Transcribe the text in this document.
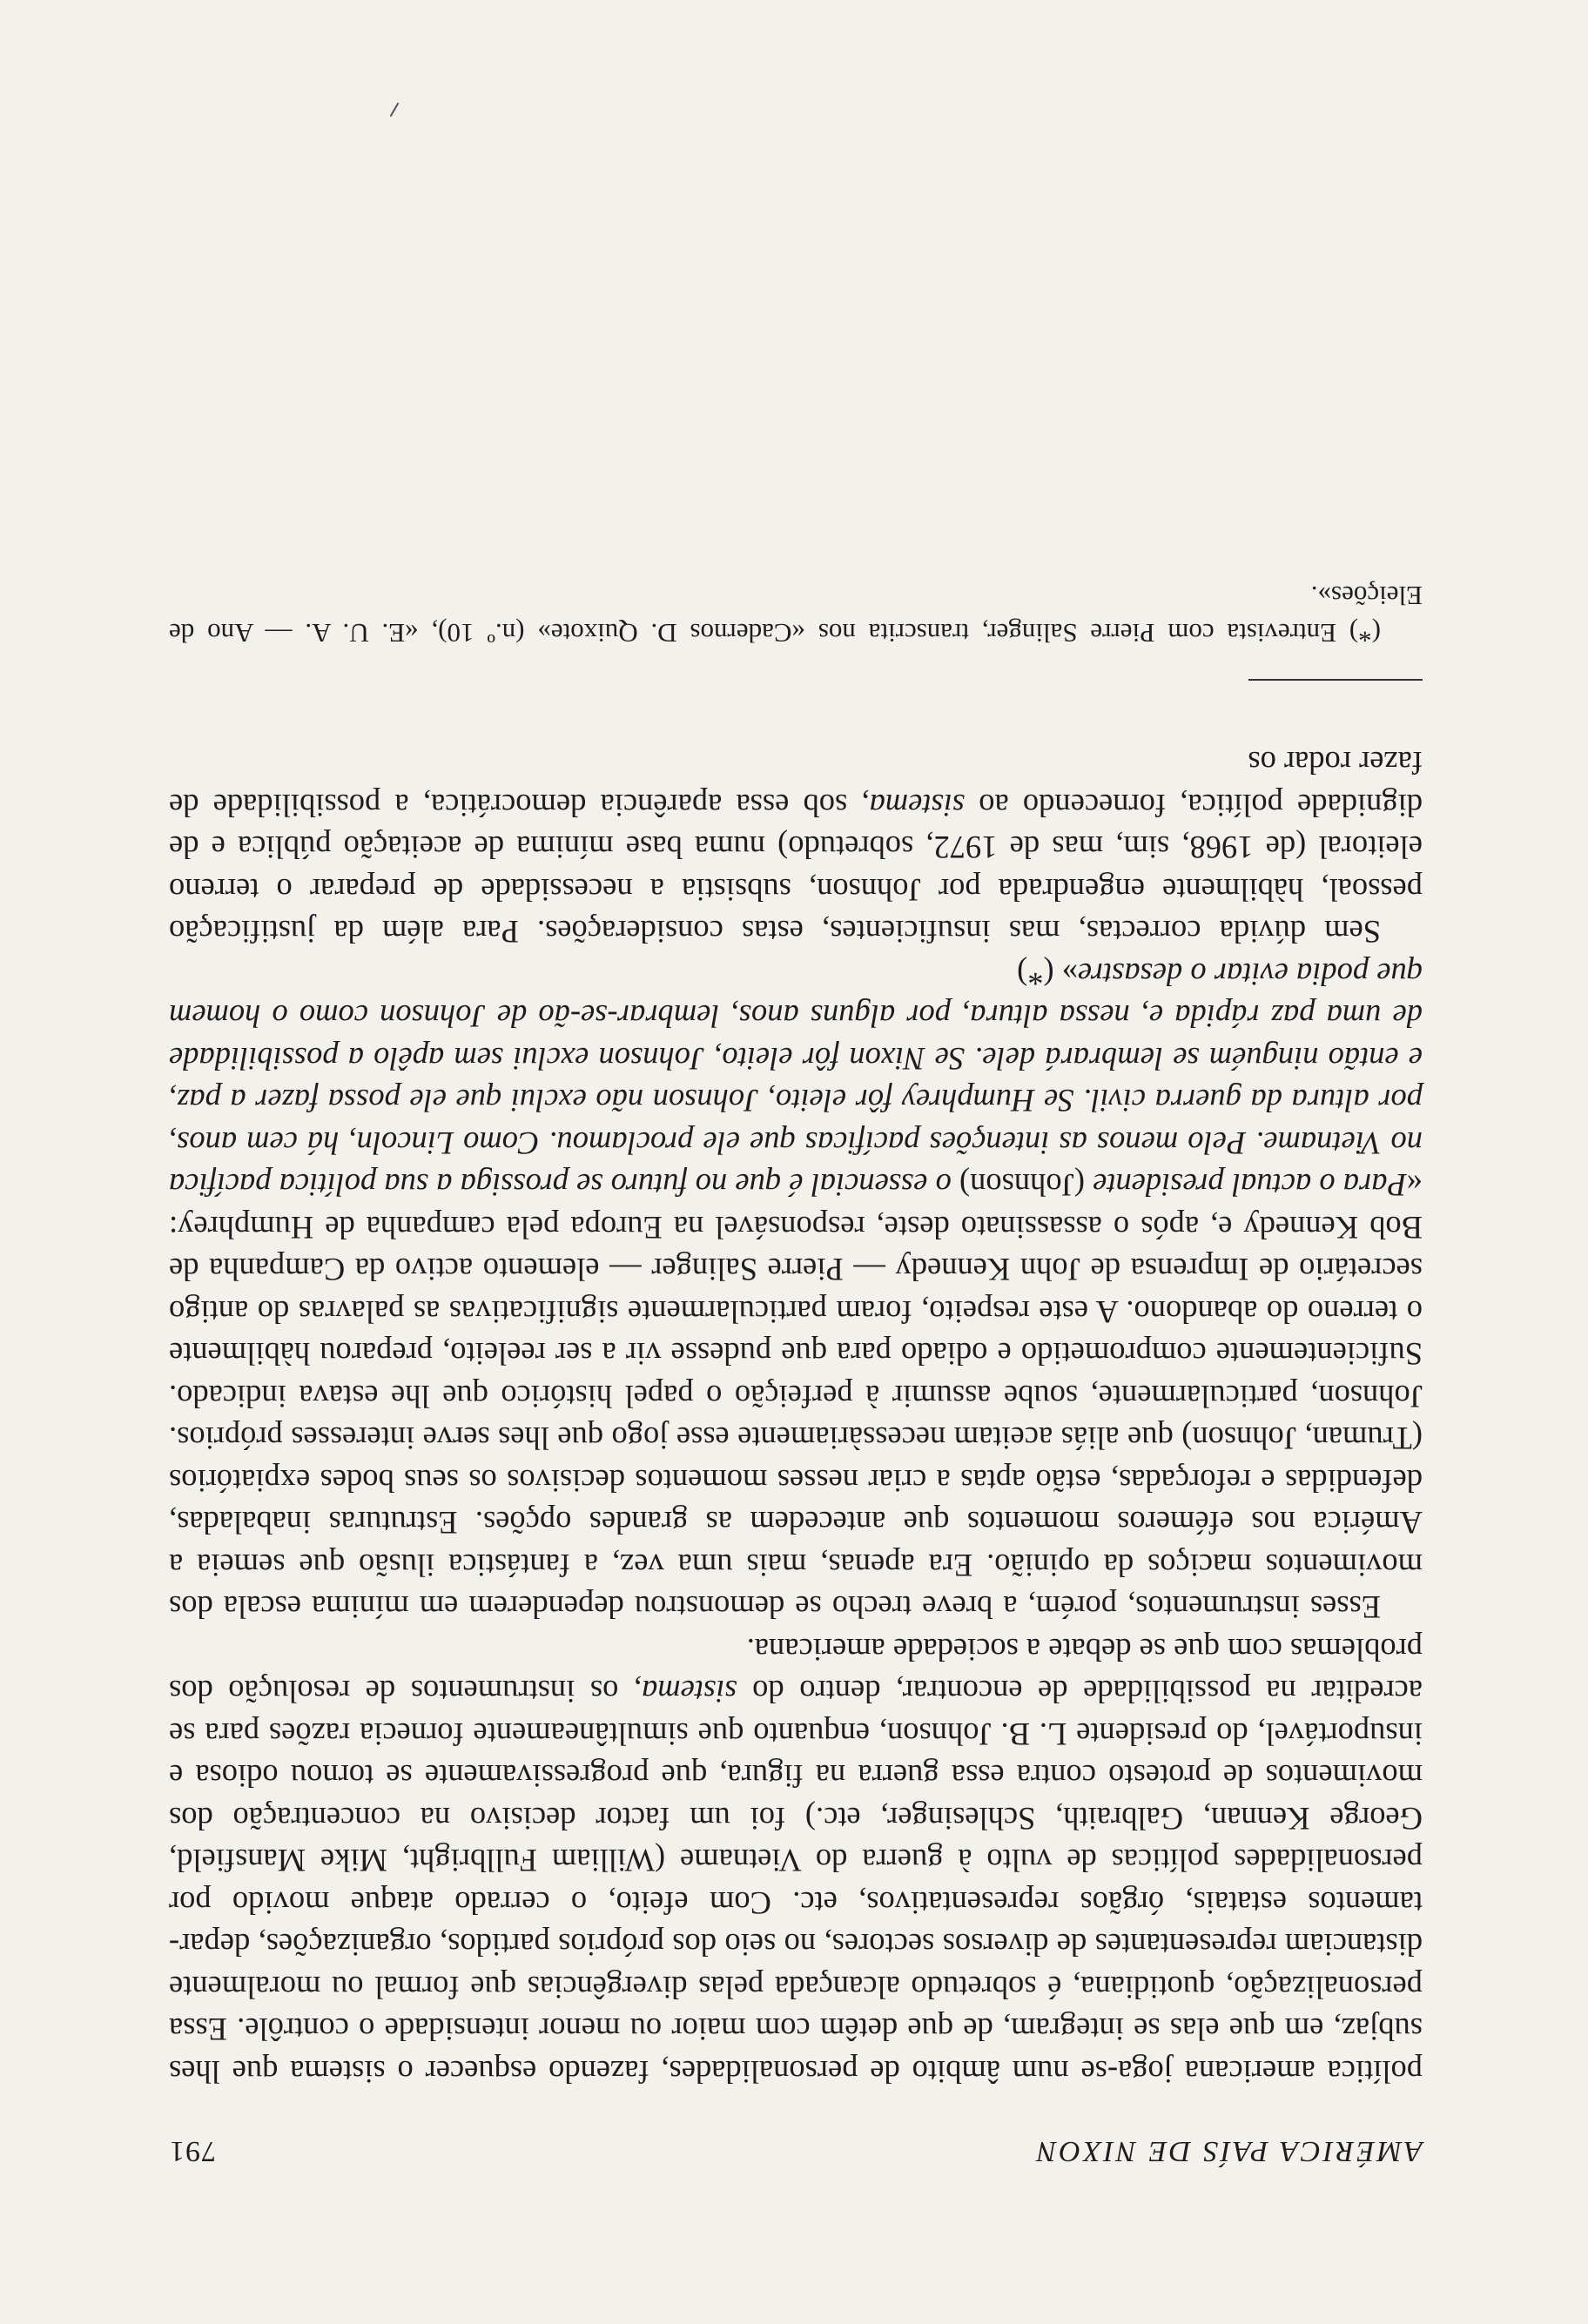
AMÉRICA PAÍS DE NIXON
791

política americana joga-se num âmbito de personalidades, fazendo esquecer o sistema que lhes subjaz, em que elas se integram, de que detêm com maior ou menor intensidade o contrôle. Essa personalização, quotidiana, é sobretudo alcançada pelas divergências que formal ou moralmente distanciam representantes de diversos sectores, no seio dos próprios partidos, organizações, departamentos estatais, órgãos representativos, etc. Com efeito, o cerrado ataque movido por personalidades políticas de vulto à guerra do Vietname (William Fullbright, Mike Mansfield, George Kennan, Galbraith, Schlesinger, etc.) foi um factor decisivo na concentração dos movimentos de protesto contra essa guerra na figura, que progressivamente se tornou odiosa e insuportável, do presidente L. B. Johnson, enquanto que simultâneamente fornecia razões para se acreditar na possibilidade de encontrar, dentro do sistema, os instrumentos de resolução dos problemas com que se debate a sociedade americana.

Esses instrumentos, porém, a breve trecho se demonstrou dependerem em mínima escala dos movimentos maciços da opinião. Era apenas, mais uma vez, a fantástica ilusão que semeia a América nos efémeros momentos que antecedem as grandes opções. Estruturas inabaladas, defendidas e reforçadas, estão aptas a criar nesses momentos decisivos os seus bodes expiatórios (Truman, Johnson) que aliás aceitam necessàriamente esse jogo que lhes serve interesses próprios. Johnson, particularmente, soube assumir à perfeição o papel histórico que lhe estava indicado. Suficientemente comprometido e odiado para que pudesse vir a ser reeleito, preparou hàbilmente o terreno do abandono. A este respeito, foram particularmente significativas as palavras do antigo secretário de Imprensa de John Kennedy — Pierre Salinger — elemento activo da Campanha de Bob Kennedy e, após o assassinato deste, responsável na Europa pela campanha de Humphrey: «Para o actual presidente (Johnson) o essencial é que no futuro se prossiga a sua política pacífica no Vietname. Pelo menos as intenções pacíficas que ele proclamou. Como Lincoln, há cem anos, por altura da guerra civil. Se Humphrey fôr eleito, Johnson não exclui que ele possa fazer a paz, e então ninguém se lembrará dele. Se Nixon fôr eleito, Johnson exclui sem apêlo a possibilidade de uma paz rápida e, nessa altura, por alguns anos, lembrar-se-ão de Johnson como o homem que podia evitar o desastre» (*)

Sem dúvida correctas, mas insuficientes, estas considerações. Para além da justificação pessoal, hàbilmente engendrada por Johnson, subsistia a necessidade de preparar o terreno eleitoral (de 1968, sim, mas de 1972, sobretudo) numa base mínima de aceitação pública e de dignidade política, fornecendo ao sistema, sob essa aparência democrática, a possibilidade de fazer rodar os

(*) Entrevista com Pierre Salinger, transcrita nos «Cadernos D. Quixote» (n.º 10), «E. U. A. — Ano de Eleições».
